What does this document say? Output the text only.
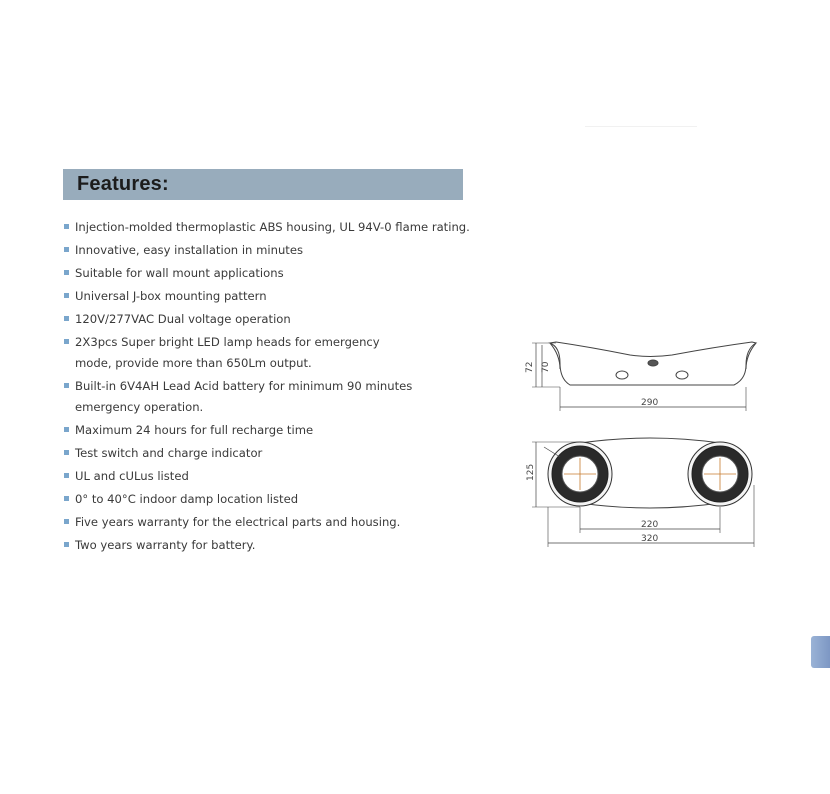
Features:
Injection-molded thermoplastic ABS housing, UL 94V-0 flame rating.
Innovative, easy installation in minutes
Suitable for wall mount applications
Universal J-box mounting pattern
120V/277VAC Dual voltage operation
2X3pcs Super bright LED lamp heads for emergency
mode, provide more than 650Lm output.
Built-in 6V4AH Lead Acid battery for minimum 90 minutes
emergency operation.
Maximum 24 hours for full recharge time
Test switch and charge indicator
UL and cULus listed
0° to 40°C indoor damp location listed
Five years warranty for the electrical parts and housing.
Two years warranty for battery.
72 70
290
125
220
320
